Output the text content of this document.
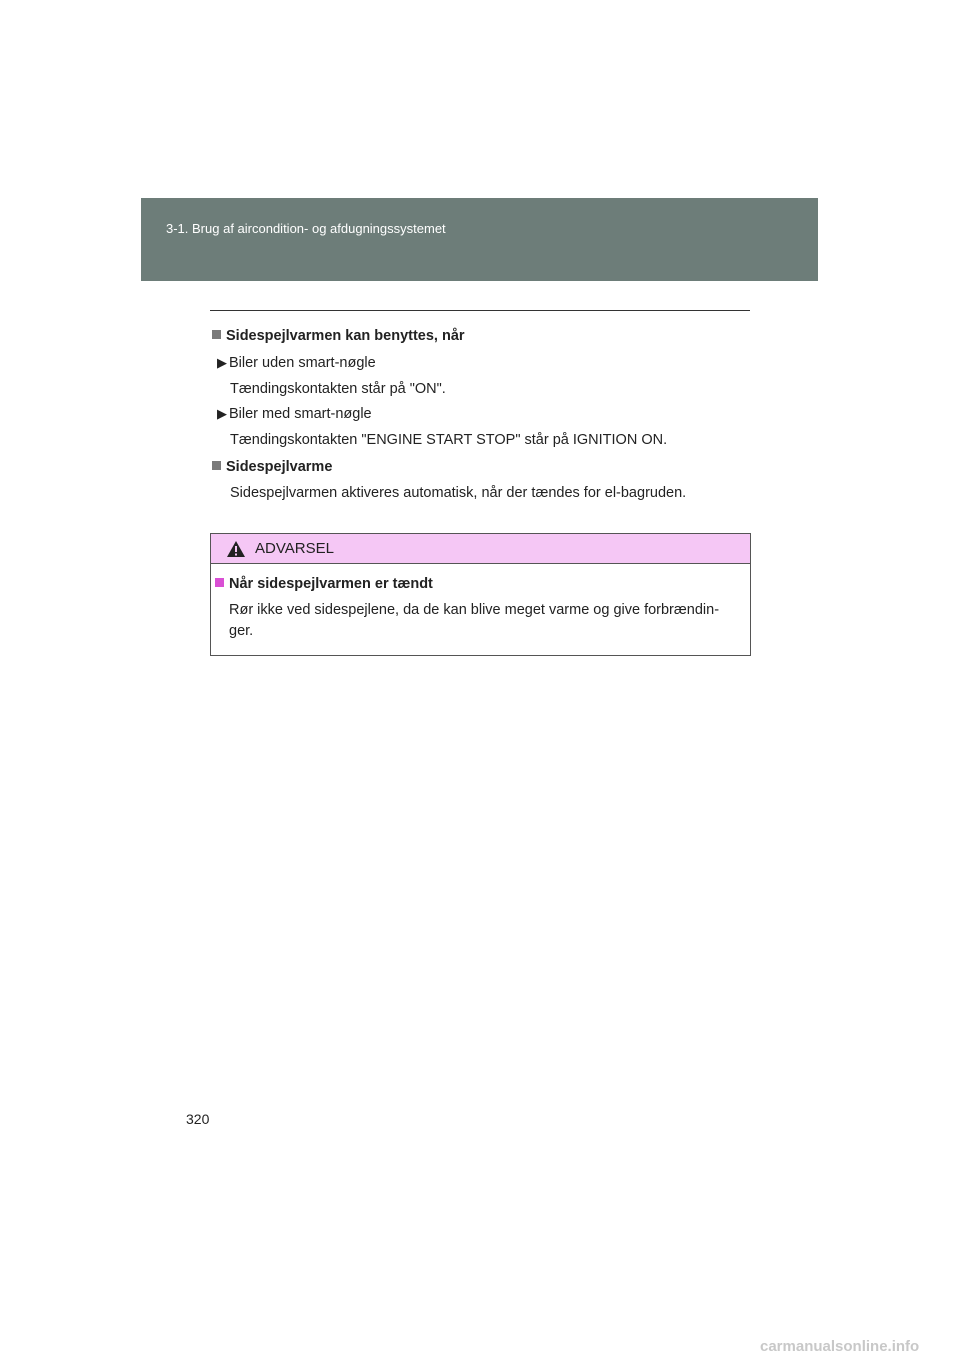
3-1. Brug af aircondition- og afdugningssystemet
Sidespejlvarmen kan benyttes, når
▶ Biler uden smart-nøgle
Tændingskontakten står på "ON".
▶ Biler med smart-nøgle
Tændingskontakten "ENGINE START STOP" står på IGNITION ON.
Sidespejlvarme
Sidespejlvarmen aktiveres automatisk, når der tændes for el-bagruden.
ADVARSEL
Når sidespejlvarmen er tændt
Rør ikke ved sidespejlene, da de kan blive meget varme og give forbrændin-
ger.
320
carmanualsonline.info
